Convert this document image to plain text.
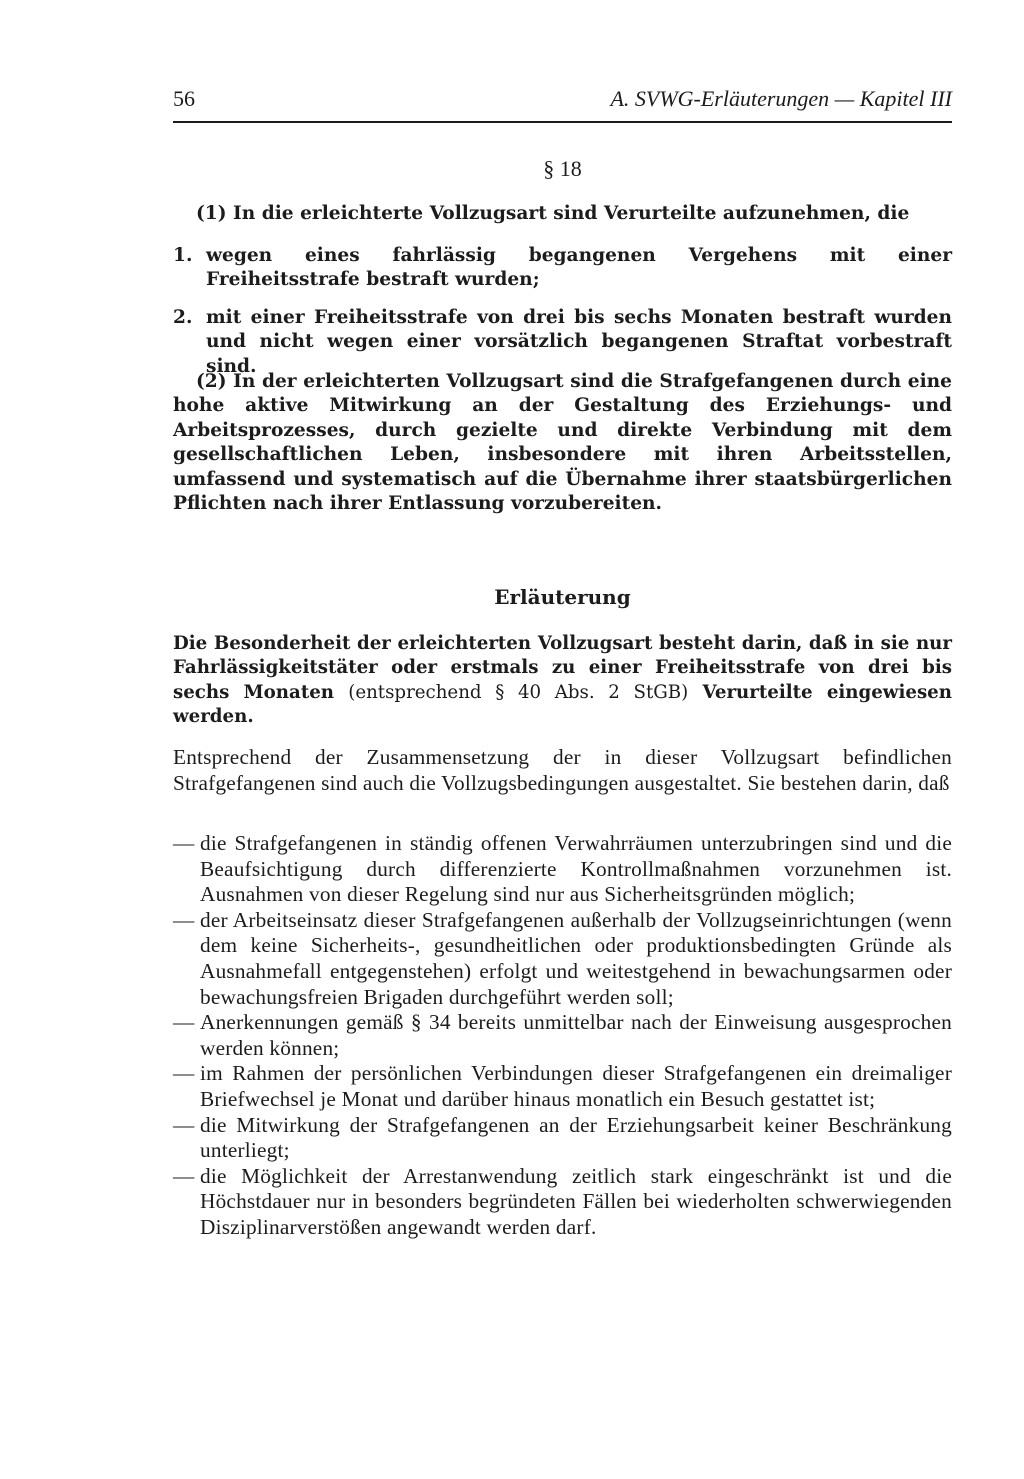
56	A. SVWG-Erläuterungen — Kapitel III
§ 18
(1) In die erleichterte Vollzugsart sind Verurteilte aufzunehmen, die
1. wegen eines fahrlässig begangenen Vergehens mit einer Freiheitsstrafe bestraft wurden;
2. mit einer Freiheitsstrafe von drei bis sechs Monaten bestraft wurden und nicht wegen einer vorsätzlich begangenen Straftat vorbestraft sind.
(2) In der erleichterten Vollzugsart sind die Strafgefangenen durch eine hohe aktive Mitwirkung an der Gestaltung des Erziehungs- und Arbeitsprozesses, durch gezielte und direkte Verbindung mit dem gesellschaftlichen Leben, insbesondere mit ihren Arbeitsstellen, umfassend und systematisch auf die Übernahme ihrer staatsbürgerlichen Pflichten nach ihrer Entlassung vorzubereiten.
Erläuterung
Die Besonderheit der erleichterten Vollzugsart besteht darin, daß in sie nur Fahrlässigkeitstäter oder erstmals zu einer Freiheitsstrafe von drei bis sechs Monaten (entsprechend § 40 Abs. 2 StGB) Verurteilte eingewiesen werden.
Entsprechend der Zusammensetzung der in dieser Vollzugsart befindlichen Strafgefangenen sind auch die Vollzugsbedingungen ausgestaltet. Sie bestehen darin, daß
— die Strafgefangenen in ständig offenen Verwahrräumen unterzubringen sind und die Beaufsichtigung durch differenzierte Kontrollmaßnahmen vorzunehmen ist. Ausnahmen von dieser Regelung sind nur aus Sicherheitsgründen möglich;
— der Arbeitseinsatz dieser Strafgefangenen außerhalb der Vollzugseinrichtungen (wenn dem keine Sicherheits-, gesundheitlichen oder produktionsbedingten Gründe als Ausnahmefall entgegenstehen) erfolgt und weitestgehend in bewachungsarmen oder bewachungsfreien Brigaden durchgeführt werden soll;
— Anerkennungen gemäß § 34 bereits unmittelbar nach der Einweisung ausgesprochen werden können;
— im Rahmen der persönlichen Verbindungen dieser Strafgefangenen ein dreimaliger Briefwechsel je Monat und darüber hinaus monatlich ein Besuch gestattet ist;
— die Mitwirkung der Strafgefangenen an der Erziehungsarbeit keiner Beschränkung unterliegt;
— die Möglichkeit der Arrestanwendung zeitlich stark eingeschränkt ist und die Höchstdauer nur in besonders begründeten Fällen bei wiederholten schwerwiegenden Disziplinarverstößen angewandt werden darf.
